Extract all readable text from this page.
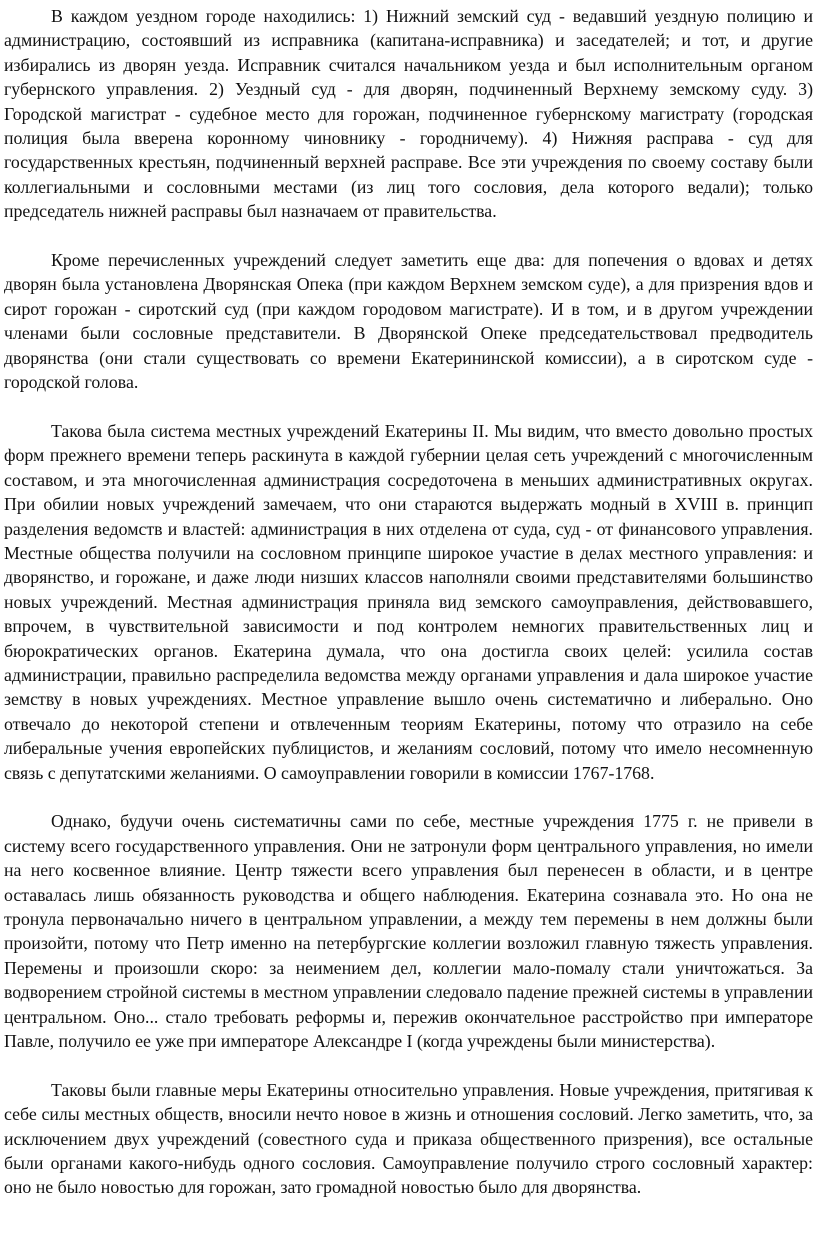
В каждом уездном городе находились: 1) Нижний земский суд - ведавший уездную полицию и администрацию, состоявший из исправника (капитана-исправника) и заседателей; и тот, и другие избирались из дворян уезда. Исправник считался начальником уезда и был исполнительным органом губернского управления. 2) Уездный суд - для дворян, подчиненный Верхнему земскому суду. 3) Городской магистрат - судебное место для горожан, подчиненное губернскому магистрату (городская полиция была вверена коронному чиновнику - городничему). 4) Нижняя расправа - суд для государственных крестьян, подчиненный верхней расправе. Все эти учреждения по своему составу были коллегиальными и сословными местами (из лиц того сословия, дела которого ведали); только председатель нижней расправы был назначаем от правительства.

Кроме перечисленных учреждений следует заметить еще два: для попечения о вдовах и детях дворян была установлена Дворянская Опека (при каждом Верхнем земском суде), а для призрения вдов и сирот горожан - сиротский суд (при каждом городовом магистрате). И в том, и в другом учреждении членами были сословные представители. В Дворянской Опеке председательствовал предводитель дворянства (они стали существовать со времени Екатерининской комиссии), а в сиротском суде - городской голова.

Такова была система местных учреждений Екатерины II. Мы видим, что вместо довольно простых форм прежнего времени теперь раскинута в каждой губернии целая сеть учреждений с многочисленным составом, и эта многочисленная администрация сосредоточена в меньших административных округах. При обилии новых учреждений замечаем, что они стараются выдержать модный в XVIII в. принцип разделения ведомств и властей: администрация в них отделена от суда, суд - от финансового управления. Местные общества получили на сословном принципе широкое участие в делах местного управления: и дворянство, и горожане, и даже люди низших классов наполняли своими представителями большинство новых учреждений. Местная администрация приняла вид земского самоуправления, действовавшего, впрочем, в чувствительной зависимости и под контролем немногих правительственных лиц и бюрократических органов. Екатерина думала, что она достигла своих целей: усилила состав администрации, правильно распределила ведомства между органами управления и дала широкое участие земству в новых учреждениях. Местное управление вышло очень систематично и либерально. Оно отвечало до некоторой степени и отвлеченным теориям Екатерины, потому что отразило на себе либеральные учения европейских публицистов, и желаниям сословий, потому что имело несомненную связь с депутатскими желаниями. О самоуправлении говорили в комиссии 1767-1768.

Однако, будучи очень систематичны сами по себе, местные учреждения 1775 г. не привели в систему всего государственного управления. Они не затронули форм центрального управления, но имели на него косвенное влияние. Центр тяжести всего управления был перенесен в области, и в центре оставалась лишь обязанность руководства и общего наблюдения. Екатерина сознавала это. Но она не тронула первоначально ничего в центральном управлении, а между тем перемены в нем должны были произойти, потому что Петр именно на петербургские коллегии возложил главную тяжесть управления. Перемены и произошли скоро: за неимением дел, коллегии мало-помалу стали уничтожаться. За водворением стройной системы в местном управлении следовало падение прежней системы в управлении центральном. Оно... стало требовать реформы и, пережив окончательное расстройство при императоре Павле, получило ее уже при императоре Александре I (когда учреждены были министерства).

Таковы были главные меры Екатерины относительно управления. Новые учреждения, притягивая к себе силы местных обществ, вносили нечто новое в жизнь и отношения сословий. Легко заметить, что, за исключением двух учреждений (совестного суда и приказа общественного призрения), все остальные были органами какого-нибудь одного сословия. Самоуправление получило строго сословный характер: оно не было новостью для горожан, зато громадной новостью было для дворянства.
